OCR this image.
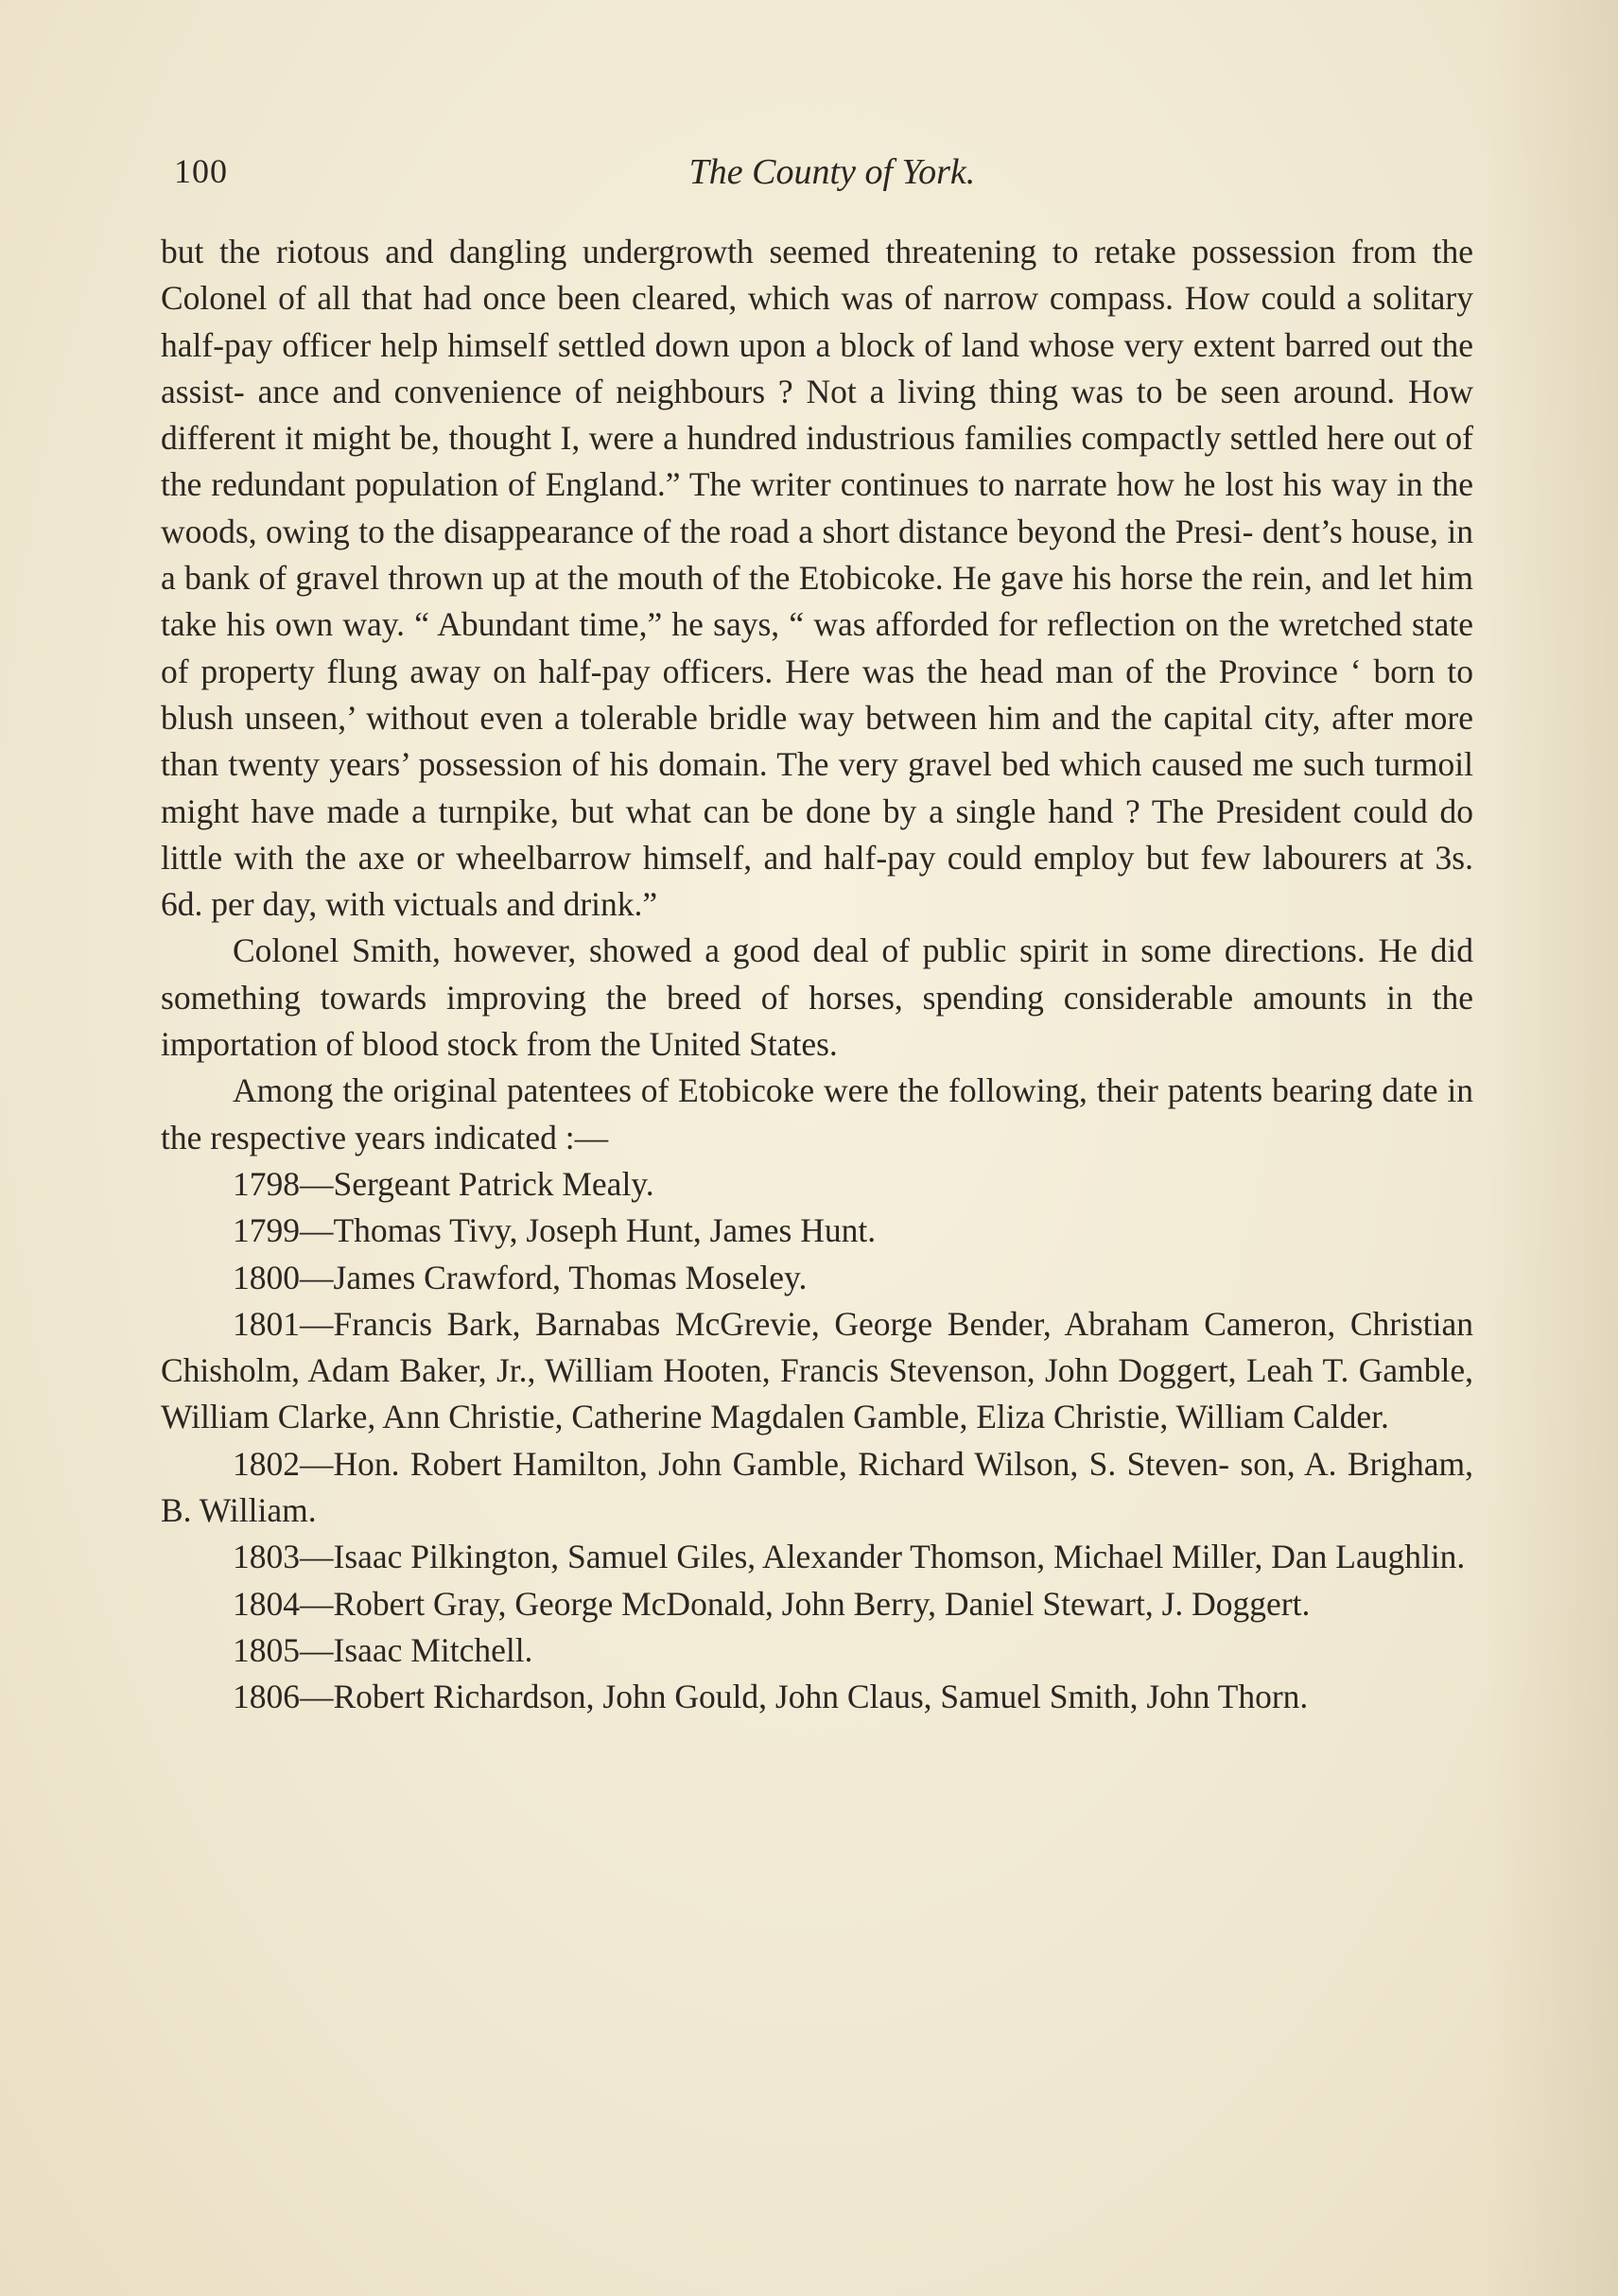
100	The County of York.

but the riotous and dangling undergrowth seemed threatening to retake possession from the Colonel of all that had once been cleared, which was of narrow compass. How could a solitary half-pay officer help himself settled down upon a block of land whose very extent barred out the assist- ance and convenience of neighbours ? Not a living thing was to be seen around. How different it might be, thought I, were a hundred industrious families compactly settled here out of the redundant population of England.” The writer continues to narrate how he lost his way in the woods, owing to the disappearance of the road a short distance beyond the Presi- dent’s house, in a bank of gravel thrown up at the mouth of the Etobicoke. He gave his horse the rein, and let him take his own way. “ Abundant time,” he says, “ was afforded for reflection on the wretched state of property flung away on half-pay officers. Here was the head man of the Province ‘ born to blush unseen,’ without even a tolerable bridle way between him and the capital city, after more than twenty years’ possession of his domain. The very gravel bed which caused me such turmoil might have made a turnpike, but what can be done by a single hand ? The President could do little with the axe or wheelbarrow himself, and half-pay could employ but few labourers at 3s. 6d. per day, with victuals and drink.”

Colonel Smith, however, showed a good deal of public spirit in some directions. He did something towards improving the breed of horses, spending considerable amounts in the importation of blood stock from the United States.

Among the original patentees of Etobicoke were the following, their patents bearing date in the respective years indicated :—

1798—Sergeant Patrick Mealy.

1799—Thomas Tivy, Joseph Hunt, James Hunt.

1800—James Crawford, Thomas Moseley.

1801—Francis Bark, Barnabas McGrevie, George Bender, Abraham Cameron, Christian Chisholm, Adam Baker, Jr., William Hooten, Francis Stevenson, John Doggert, Leah T. Gamble, William Clarke, Ann Christie, Catherine Magdalen Gamble, Eliza Christie, William Calder.

1802—Hon. Robert Hamilton, John Gamble, Richard Wilson, S. Steven- son, A. Brigham, B. William.

1803—Isaac Pilkington, Samuel Giles, Alexander Thomson, Michael Miller, Dan Laughlin.

1804—Robert Gray, George McDonald, John Berry, Daniel Stewart, J. Doggert.

1805—Isaac Mitchell.

1806—Robert Richardson, John Gould, John Claus, Samuel Smith, John Thorn.
